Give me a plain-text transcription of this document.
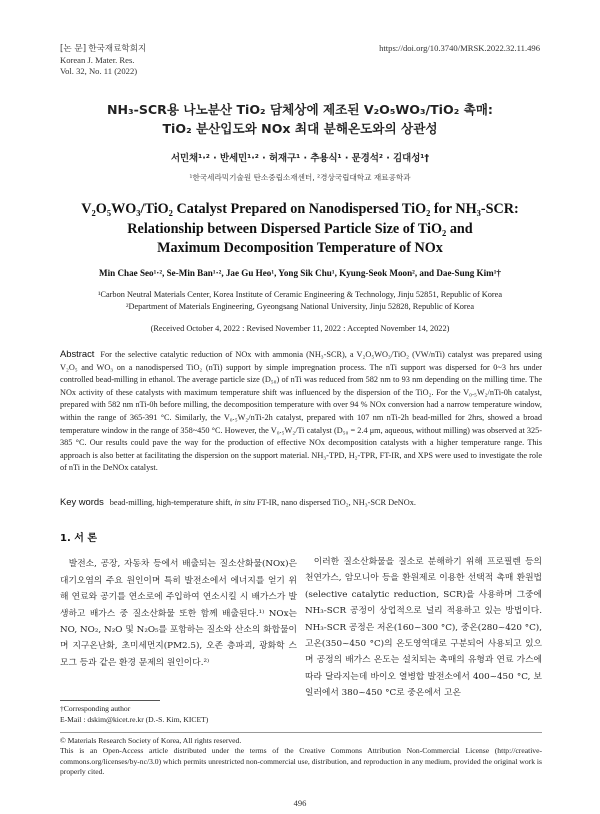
[논 문] 한국재료학회지
Korean J. Mater. Res.
Vol. 32, No. 11 (2022)
https://doi.org/10.3740/MRSK.2022.32.11.496
NH₃-SCR용 나노분산 TiO₂ 담체상에 제조된 V₂O₅WO₃/TiO₂ 촉매:
TiO₂ 분산입도와 NOx 최대 분해온도와의 상관성
서민채¹·² · 반세민¹·² · 허재구¹ · 추용식¹ · 문경석² · 김대성¹†
¹한국세라믹기술원 탄소중립소재센터, ²경상국립대학교 재료공학과
V₂O₅WO₃/TiO₂ Catalyst Prepared on Nanodispersed TiO₂ for NH₃-SCR:
Relationship between Dispersed Particle Size of TiO₂ and
Maximum Decomposition Temperature of NOx
Min Chae Seo¹·², Se-Min Ban¹·², Jae Gu Heo¹, Yong Sik Chu¹, Kyung-Seok Moon², and Dae-Sung Kim¹†
¹Carbon Neutral Materials Center, Korea Institute of Ceramic Engineering & Technology, Jinju 52851, Republic of Korea
²Department of Materials Engineering, Gyeongsang National University, Jinju 52828, Republic of Korea
(Received October 4, 2022 : Revised November 11, 2022 : Accepted November 14, 2022)
Abstract For the selective catalytic reduction of NOx with ammonia (NH₃-SCR), a V₂O₅WO₃/TiO₂ (VW/nTi) catalyst was prepared using V₂O₅ and WO₃ on a nanodispersed TiO₂ (nTi) support by simple impregnation process. The nTi support was dispersed for 0~3 hrs under controlled bead-milling in ethanol. The average particle size (D₅₀) of nTi was reduced from 582 nm to 93 nm depending on the milling time. The NOx activity of these catalysts with maximum temperature shift was influenced by the dispersion of the TiO₂. For the V₀.₅W₂/nTi-0h catalyst, prepared with 582 nm nTi-0h before milling, the decomposition temperature with over 94 % NOx conversion had a narrow temperature window, within the range of 365-391 °C. Similarly, the V₀.₅W₂/nTi-2h catalyst, prepared with 107 nm nTi-2h bead-milled for 2hrs, showed a broad temperature window in the range of 358~450 °C. However, the V₀.₅W₂/Ti catalyst (D₅₀ = 2.4 μm, aqueous, without milling) was observed at 325-385 °C. Our results could pave the way for the production of effective NOx decomposition catalysts with a higher temperature range. This approach is also better at facilitating the dispersion on the support material. NH₃-TPD, H₂-TPR, FT-IR, and XPS were used to investigate the role of nTi in the DeNOx catalyst.
Key words bead-milling, high-temperature shift, in situ FT-IR, nano dispersed TiO₂, NH₃-SCR DeNOx.
1. 서 론
발전소, 공장, 자동차 등에서 배출되는 질소산화물(NOx)은 대기오염의 주요 원인이며 특히 발전소에서 에너지를 얻기 위해 연료와 공기를 연소로에 주입하여 연소시킬 시 배가스가 발생하고 배가스 중 질소산화물 또한 함께 배출된다.¹⁾ NOx는 NO, NO₂, N₂O 및 N₂O₅를 포함하는 질소와 산소의 화합물이며 지구온난화, 초미세먼지(PM2.5), 오존 층파괴, 광화학 스모그 등과 같은 환경 문제의 원인이다.²⁾
이러한 질소산화물을 질소로 분해하기 위해 프로필렌 등의 천연가스, 암모니아 등을 환원제로 이용한 선택적 촉매 환원법(selective catalytic reduction, SCR)을 사용하며 그중에 NH₃-SCR 공정이 상업적으로 널리 적용하고 있는 방법이다. NH₃-SCR 공정은 저온(160~300 °C), 중온(280~420 °C), 고온(350~450 °C)의 온도영역대로 구분되어 사용되고 있으며 공정의 배가스 온도는 설치되는 촉매의 유형과 연료 가스에 따라 달라지는데 바이오 열병합 발전소에서 400~450 °C, 보일러에서 380~450 °C로 중온에서 고온
†Corresponding author
E-Mail : dskim@kicet.re.kr (D.-S. Kim, KICET)
© Materials Research Society of Korea, All rights reserved.
This is an Open-Access article distributed under the terms of the Creative Commons Attribution Non-Commercial License (http://creative-commons.org/licenses/by-nc/3.0) which permits unrestricted non-commercial use, distribution, and reproduction in any medium, provided the original work is properly cited.
496
